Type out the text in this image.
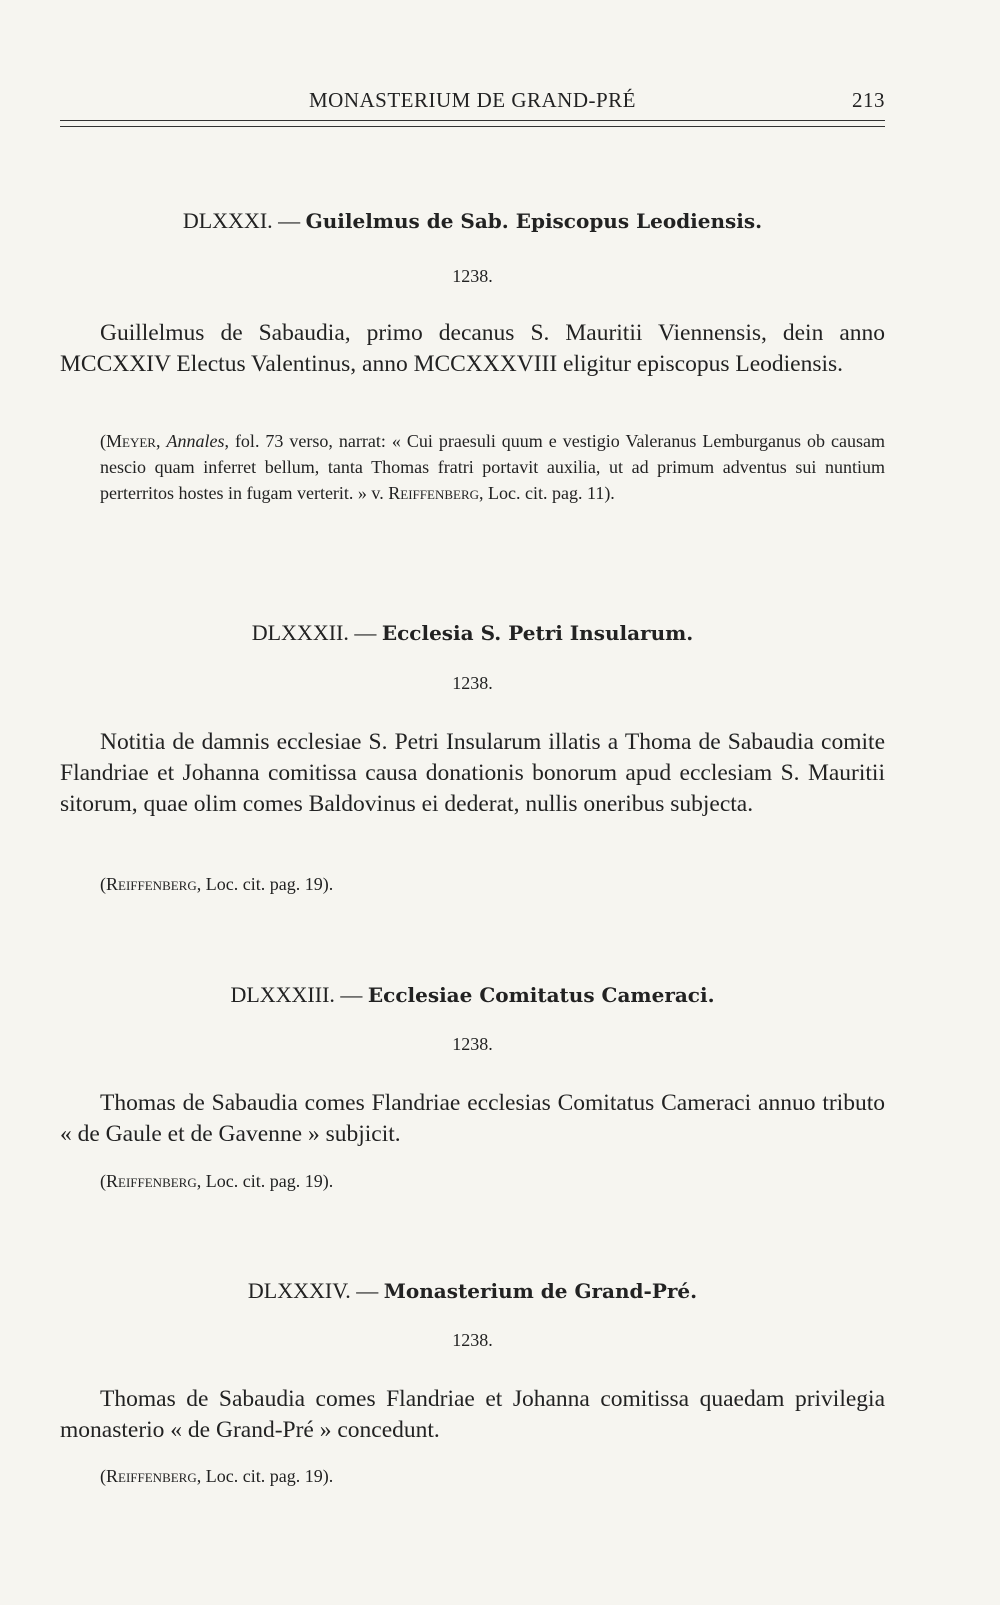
MONASTERIUM DE GRAND-PRÉ	213
DLXXXI. — Guilelmus de Sab. Episcopus Leodiensis.
1238.
Guillelmus de Sabaudia, primo decanus S. Mauritii Viennensis, dein anno MCCXXIV Electus Valentinus, anno MCCXXXVIII eligitur episcopus Leodiensis.
(Meyer, Annales, fol. 73 verso, narrat: « Cui praesuli quum e vestigio Valeranus Lemburganus ob causam nescio quam inferret bellum, tanta Thomas fratri portavit auxilia, ut ad primum adventus sui nuntium perterritos hostes in fugam verterit. » v. Reiffenberg, Loc. cit. pag. 11).
DLXXXII. — Ecclesia S. Petri Insularum.
1238.
Notitia de damnis ecclesiae S. Petri Insularum illatis a Thoma de Sabaudia comite Flandriae et Johanna comitissa causa donationis bonorum apud ecclesiam S. Mauritii sitorum, quae olim comes Baldovinus ei dederat, nullis oneribus subjecta.
(Reiffenberg, Loc. cit. pag. 19).
DLXXXIII. — Ecclesiae Comitatus Cameraci.
1238.
Thomas de Sabaudia comes Flandriae ecclesias Comitatus Cameraci annuo tributo « de Gaule et de Gavenne » subjicit.
(Reiffenberg, Loc. cit. pag. 19).
DLXXXIV. — Monasterium de Grand-Pré.
1238.
Thomas de Sabaudia comes Flandriae et Johanna comitissa quaedam privilegia monasterio « de Grand-Pré » concedunt.
(Reiffenberg, Loc. cit. pag. 19).
